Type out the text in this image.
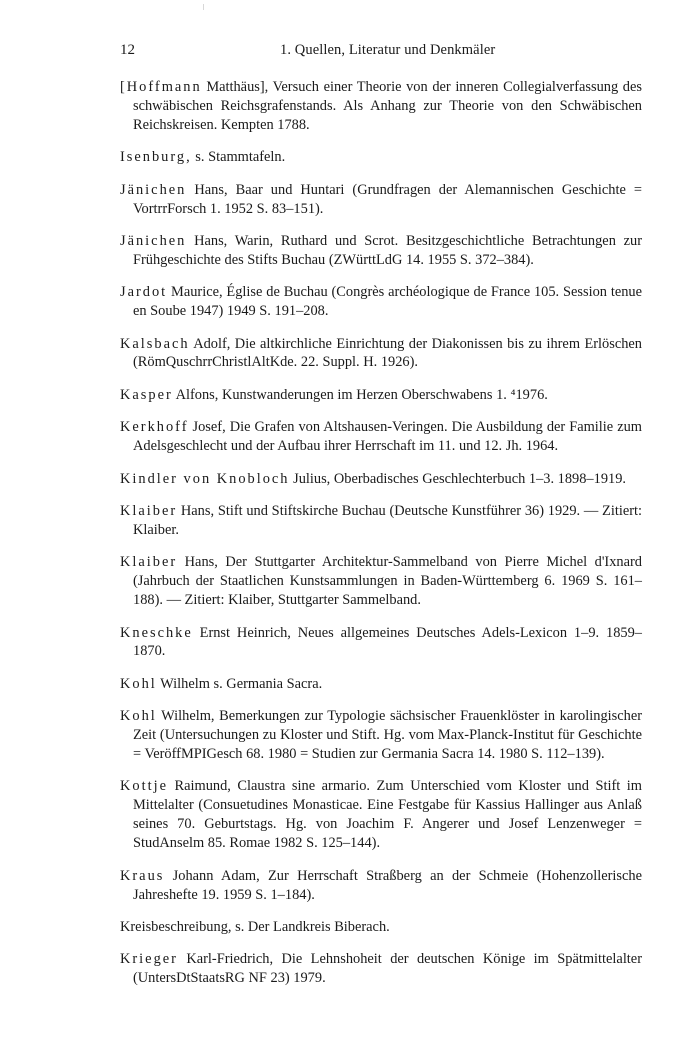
12	1. Quellen, Literatur und Denkmäler

[Hoffmann Matthäus], Versuch einer Theorie von der inneren Collegialverfassung des schwäbischen Reichsgrafenstands. Als Anhang zur Theorie von den Schwäbischen Reichskreisen. Kempten 1788.

Isenburg, s. Stammtafeln.

Jänichen Hans, Baar und Huntari (Grundfragen der Alemannischen Geschichte = VortrrForsch 1. 1952 S. 83–151).

Jänichen Hans, Warin, Ruthard und Scrot. Besitzgeschichtliche Betrachtungen zur Frühgeschichte des Stifts Buchau (ZWürttLdG 14. 1955 S. 372–384).

Jardot Maurice, Église de Buchau (Congrès archéologique de France 105. Session tenue en Soube 1947) 1949 S. 191–208.

Kalsbach Adolf, Die altkirchliche Einrichtung der Diakonissen bis zu ihrem Erlöschen (RömQuschrrChristlAltKde. 22. Suppl. H. 1926).

Kasper Alfons, Kunstwanderungen im Herzen Oberschwabens 1. ⁴1976.

Kerkhoff Josef, Die Grafen von Altshausen-Veringen. Die Ausbildung der Familie zum Adelsgeschlecht und der Aufbau ihrer Herrschaft im 11. und 12. Jh. 1964.

Kindler von Knobloch Julius, Oberbadisches Geschlechterbuch 1–3. 1898–1919.

Klaiber Hans, Stift und Stiftskirche Buchau (Deutsche Kunstführer 36) 1929. — Zitiert: Klaiber.

Klaiber Hans, Der Stuttgarter Architektur-Sammelband von Pierre Michel d'Ixnard (Jahrbuch der Staatlichen Kunstsammlungen in Baden-Württemberg 6. 1969 S. 161–188). — Zitiert: Klaiber, Stuttgarter Sammelband.

Kneschke Ernst Heinrich, Neues allgemeines Deutsches Adels-Lexicon 1–9. 1859–1870.

Kohl Wilhelm s. Germania Sacra.

Kohl Wilhelm, Bemerkungen zur Typologie sächsischer Frauenklöster in karolingischer Zeit (Untersuchungen zu Kloster und Stift. Hg. vom Max-Planck-Institut für Geschichte = VeröffMPIGesch 68. 1980 = Studien zur Germania Sacra 14. 1980 S. 112–139).

Kottje Raimund, Claustra sine armario. Zum Unterschied vom Kloster und Stift im Mittelalter (Consuetudines Monasticae. Eine Festgabe für Kassius Hallinger aus Anlaß seines 70. Geburtstags. Hg. von Joachim F. Angerer und Josef Lenzenweger = StudAnselm 85. Romae 1982 S. 125–144).

Kraus Johann Adam, Zur Herrschaft Straßberg an der Schmeie (Hohenzollerische Jahreshefte 19. 1959 S. 1–184).

Kreisbeschreibung, s. Der Landkreis Biberach.

Krieger Karl-Friedrich, Die Lehnshoheit der deutschen Könige im Spätmittelalter (UntersDtStaatsRG NF 23) 1979.
